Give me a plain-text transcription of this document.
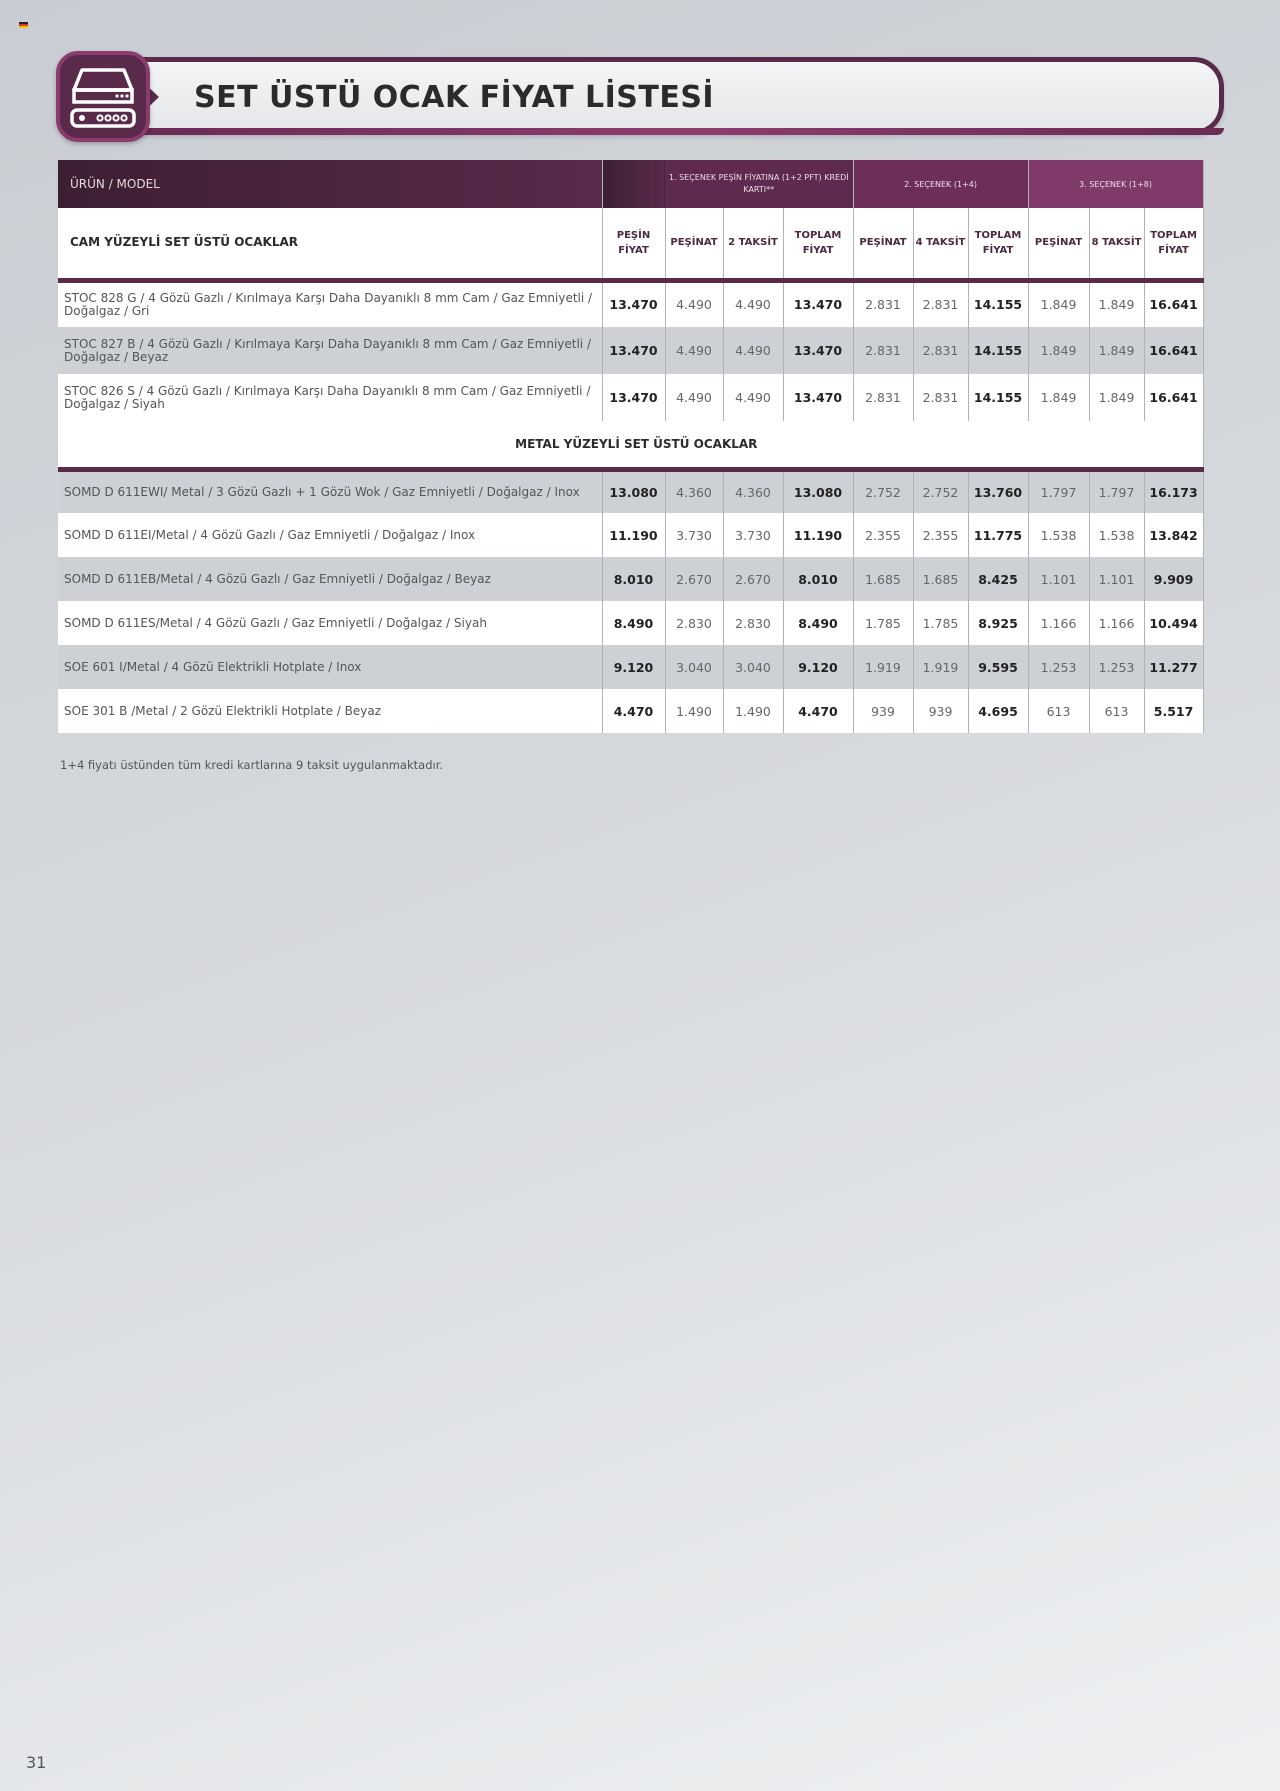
SET ÜSTÜ OCAK FİYAT LİSTESİ
ÜRÜN / MODEL		1. SEÇENEK PEŞİN FİYATINA (1+2 PFT) KREDİ KARTI**			2. SEÇENEK (1+4)			3. SEÇENEK (1+8)		
CAM YÜZEYLİ SET ÜSTÜ OCAKLAR	PEŞİN FİYAT	PEŞİNAT	2 TAKSİT	TOPLAM FİYAT	PEŞİNAT	4 TAKSİT	TOPLAM FİYAT	PEŞİNAT	8 TAKSİT	TOPLAM FİYAT
STOC 828 G / 4 Gözü Gazlı / Kırılmaya Karşı Daha Dayanıklı 8 mm Cam / Gaz Emniyetli / Doğalgaz / Gri	13.470	4.490	4.490	13.470	2.831	2.831	14.155	1.849	1.849	16.641
STOC 827 B / 4 Gözü Gazlı / Kırılmaya Karşı Daha Dayanıklı 8 mm Cam / Gaz Emniyetli / Doğalgaz / Beyaz	13.470	4.490	4.490	13.470	2.831	2.831	14.155	1.849	1.849	16.641
STOC 826 S / 4 Gözü Gazlı / Kırılmaya Karşı Daha Dayanıklı 8 mm Cam / Gaz Emniyetli / Doğalgaz / Siyah	13.470	4.490	4.490	13.470	2.831	2.831	14.155	1.849	1.849	16.641
METAL YÜZEYLİ SET ÜSTÜ OCAKLAR										
SOMD D 611EWI/ Metal / 3 Gözü Gazlı + 1 Gözü Wok / Gaz Emniyetli / Doğalgaz / Inox	13.080	4.360	4.360	13.080	2.752	2.752	13.760	1.797	1.797	16.173
SOMD D 611EI/Metal / 4 Gözü Gazlı / Gaz Emniyetli / Doğalgaz / Inox	11.190	3.730	3.730	11.190	2.355	2.355	11.775	1.538	1.538	13.842
SOMD D 611EB/Metal / 4 Gözü Gazlı / Gaz Emniyetli / Doğalgaz / Beyaz	8.010	2.670	2.670	8.010	1.685	1.685	8.425	1.101	1.101	9.909
SOMD D 611ES/Metal / 4 Gözü Gazlı / Gaz Emniyetli / Doğalgaz / Siyah	8.490	2.830	2.830	8.490	1.785	1.785	8.925	1.166	1.166	10.494
SOE 601 I/Metal / 4 Gözü Elektrikli Hotplate / Inox	9.120	3.040	3.040	9.120	1.919	1.919	9.595	1.253	1.253	11.277
SOE 301 B /Metal / 2 Gözü Elektrikli Hotplate / Beyaz	4.470	1.490	1.490	4.470	939	939	4.695	613	613	5.517
1+4 fiyatı üstünden tüm kredi kartlarına 9 taksit uygulanmaktadır.
31
